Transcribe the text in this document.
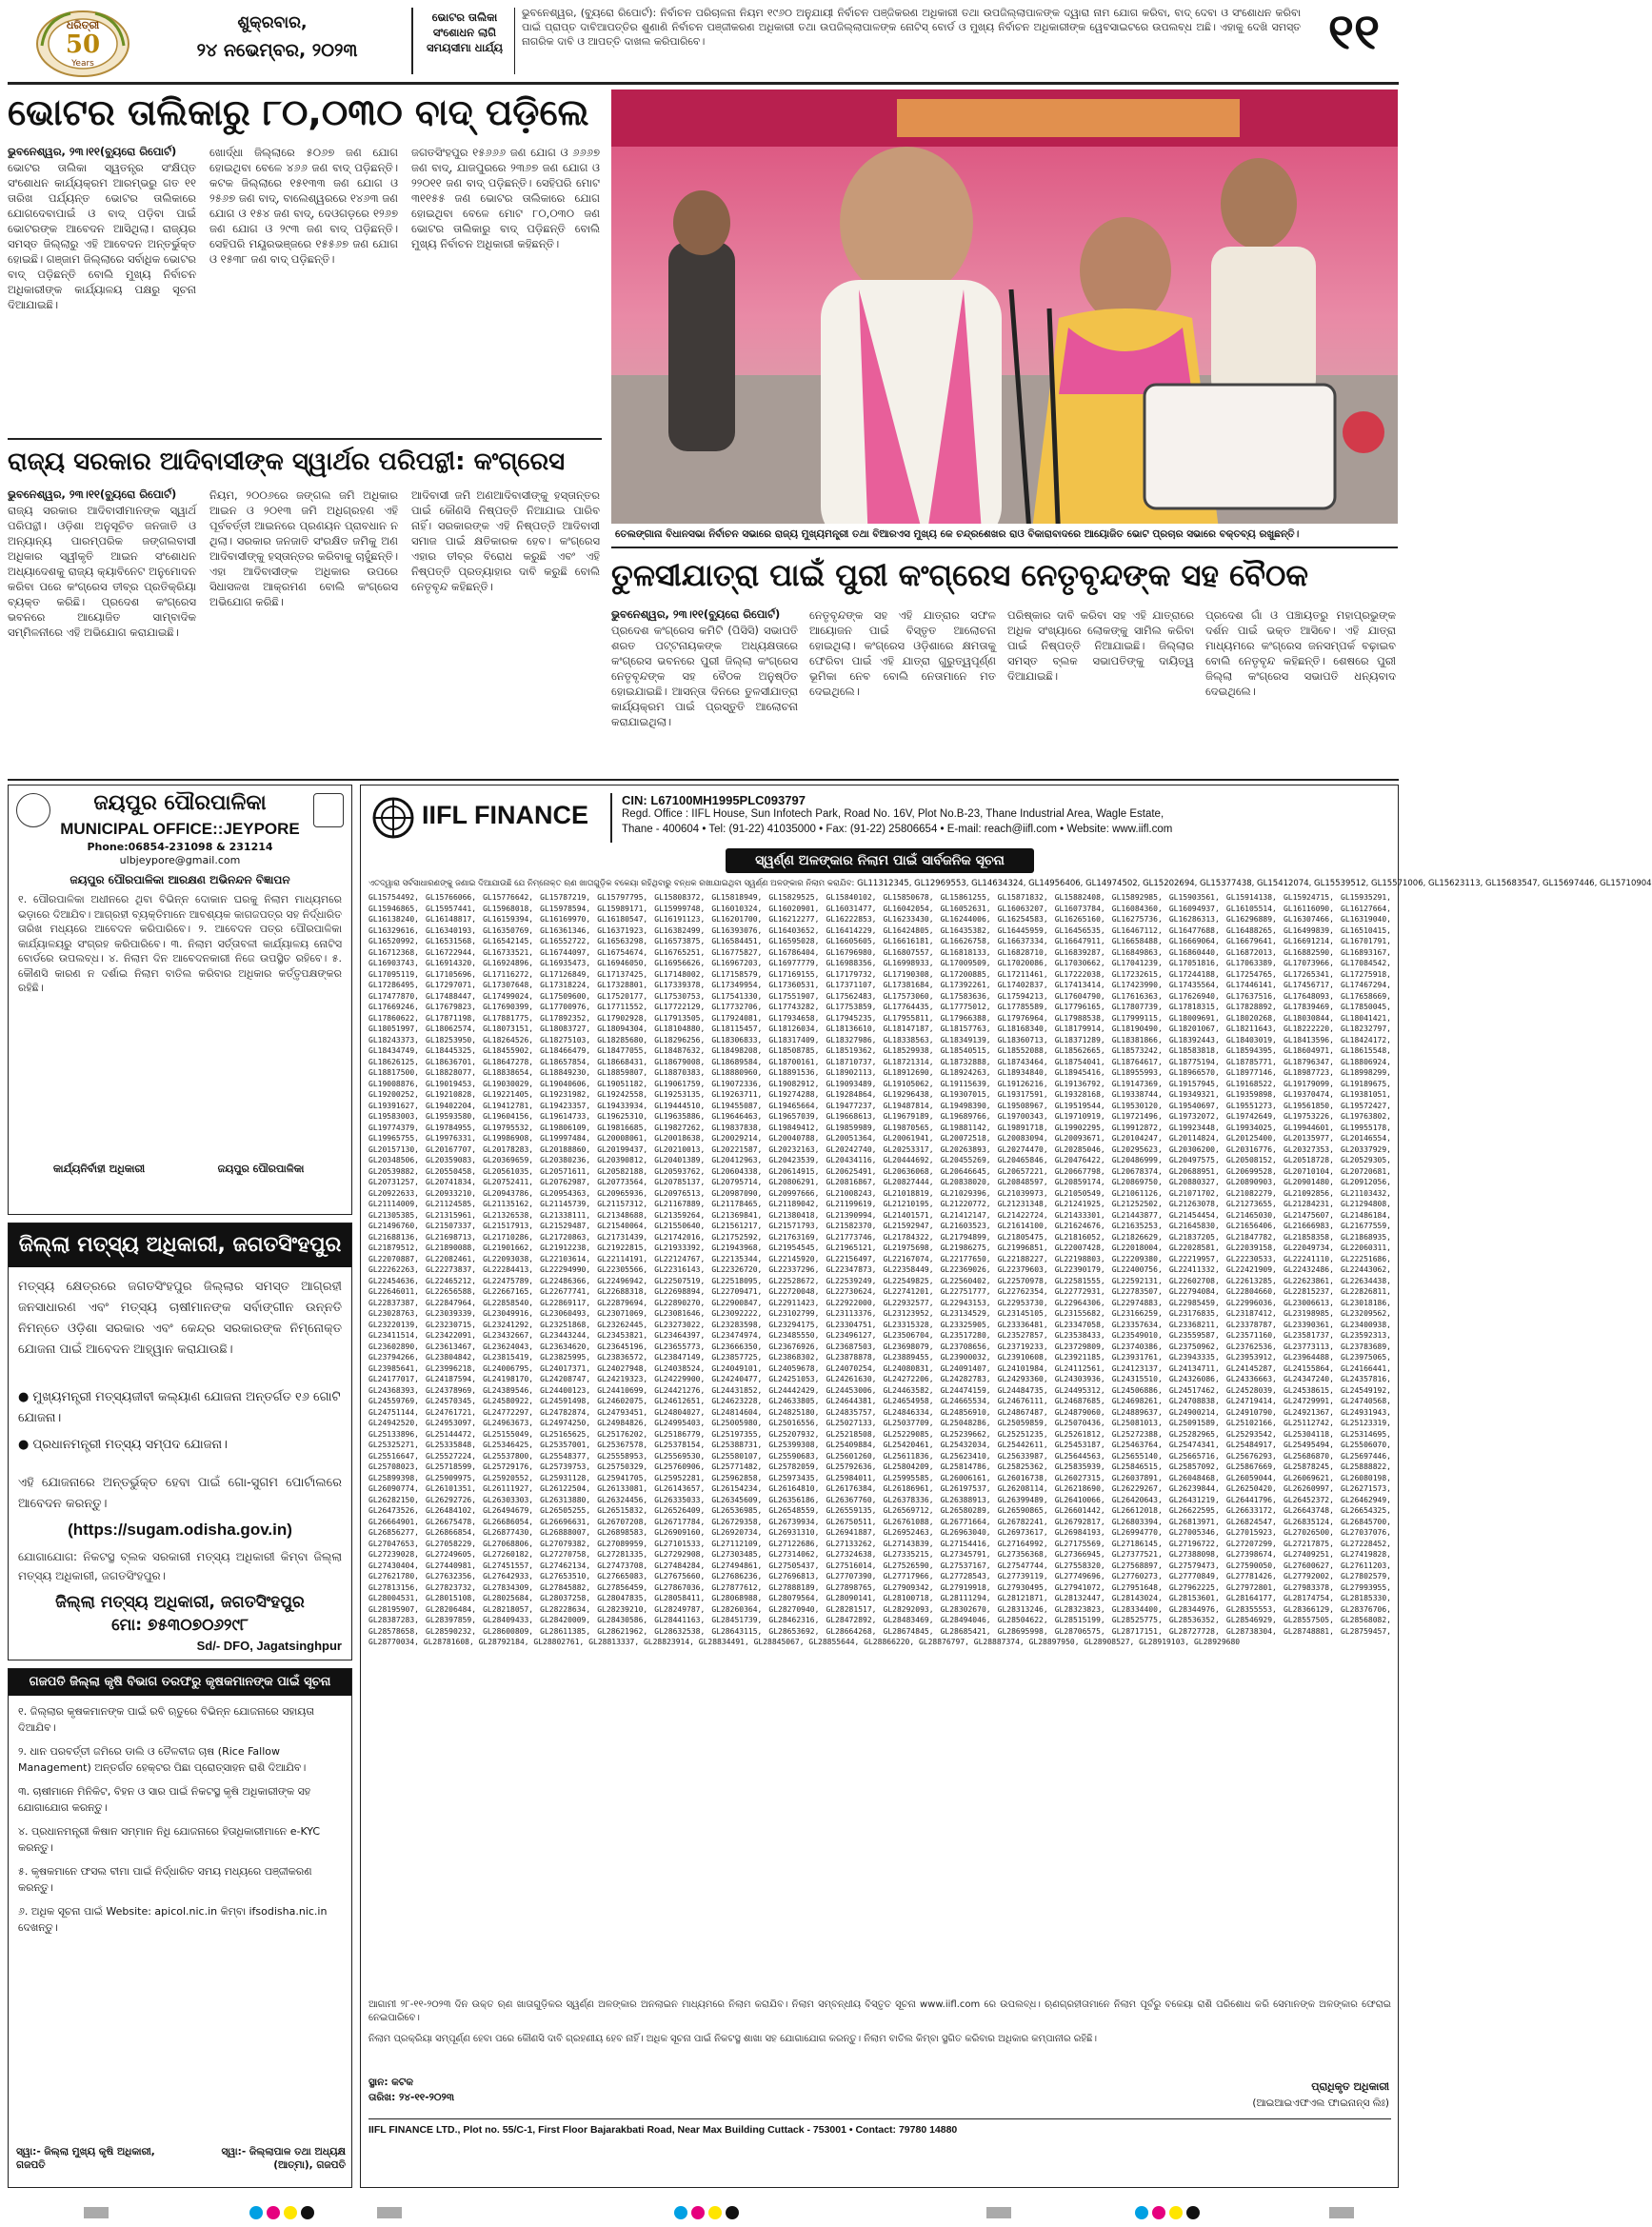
ଧରିତ୍ରୀ
50
Years
ଶୁକ୍ରବାର,
୨୪ ନଭେମ୍ବର, ୨୦୨୩
ଭୋଟର ତାଲିକା ସଂଶୋଧନ ଲାଗି ସମୟସୀମା ଧାର୍ଯ୍ୟ
ଭୁବନେଶ୍ୱର, (ବ୍ୟୁରୋ ରିପୋର୍ଟ): ନିର୍ବାଚନ ପରିଚାଳନା ନିୟମ ୧୯୬୦ ଅନୁଯାୟୀ ନିର୍ବାଚନ ପଞ୍ଜିକରଣ ଅଧିକାରୀ ତଥା ଉପଜିଲ୍ଲାପାଳଙ୍କ ଦ୍ୱାରା ନାମ ଯୋଗ କରିବା, ବାଦ୍ ଦେବା ଓ ସଂଶୋଧନ କରିବା ପାଇଁ ପ୍ରାପ୍ତ ଦାବିଆପତ୍ତିର ଶୁଣାଣି ନିର୍ବାଚନ ପଞ୍ଜୀକରଣ ଅଧିକାରୀ ତଥା ଉପଜିଲ୍ଲାପାଳଙ୍କ ନୋଟିସ୍ ବୋର୍ଡ ଓ ମୁଖ୍ୟ ନିର୍ବାଚନ ଅଧିକାରୀଙ୍କ ୱେବସାଇଟରେ ଉପଲବ୍ଧ ଅଛି। ଏହାକୁ ଦେଖି ସମସ୍ତ ନାଗରିକ ଦାବି ଓ ଆପତ୍ତି ଦାଖଲ କରିପାରିବେ।	୧୧
ଭୋଟର ତାଲିକାରୁ ୮୦,୦୩୦ ବାଦ୍ ପଡ଼ିଲେ
ଭୁବନେଶ୍ୱର, ୨୩।୧୧(ବ୍ୟୁରୋ ରିପୋର୍ଟ)
ଭୋଟର ତାଲିକା ସ୍ୱତନ୍ତ୍ର ସଂକ୍ଷିପ୍ତ ସଂଶୋଧନ କାର୍ଯ୍ୟକ୍ରମ ଆରମ୍ଭରୁ ଗତ ୧୧ ତାରିଖ ପର୍ଯ୍ୟନ୍ତ ଭୋଟର ତାଲିକାରେ ଯୋଗଦେବାପାଇଁ ଓ ବାଦ୍ ପଡ଼ିବା ପାଇଁ ଭୋଟରଙ୍କ ଆବେଦନ ଆସିଥିଲା। ରାଜ୍ୟର ସମସ୍ତ ଜିଲ୍ଲାରୁ ଏହି ଆବେଦନ ଅନ୍ତର୍ଭୁକ୍ତ ହୋଇଛି। ଗଞ୍ଜାମ ଜିଲ୍ଲାରେ ସର୍ବାଧିକ ଭୋଟର ବାଦ୍ ପଡ଼ିଛନ୍ତି ବୋଲି ମୁଖ୍ୟ ନିର୍ବାଚନ ଅଧିକାରୀଙ୍କ କାର୍ଯ୍ୟାଳୟ ପକ୍ଷରୁ ସୂଚନା ଦିଆଯାଇଛି।
ଖୋର୍ଦ୍ଧା ଜିଲ୍ଲାରେ ୫୦୬୭ ଜଣ ଯୋଗ ହୋଇଥିବା ବେଳେ ୪୬୬ ଜଣ ବାଦ୍ ପଡ଼ିଛନ୍ତି। କଟକ ଜିଲ୍ଲାରେ ୧୫୧୩୩ ଜଣ ଯୋଗ ଓ ୨୫୬୭ ଜଣ ବାଦ୍, ବାଲେଶ୍ୱରରେ ୧୪୬୩ ଜଣ ଯୋଗ ଓ ୧୫୪ ଜଣ ବାଦ୍, ଦେଓଗଡ଼ରେ ୧୨୬୭ ଜଣ ଯୋଗ ଓ ୨୯୩ ଜଣ ବାଦ୍ ପଡ଼ିଛନ୍ତି। ସେହିପରି ମୟୂରଭଞ୍ଜରେ ୧୫୫୬୭ ଜଣ ଯୋଗ ଓ ୧୫୩୮ ଜଣ ବାଦ୍ ପଡ଼ିଛନ୍ତି।
ଜଗତସିଂହପୁର ୧୫୬୬୬ ଜଣ ଯୋଗ ଓ ୬୬୬୭ ଜଣ ବାଦ୍, ଯାଜପୁରରେ ୨୩୬୭ ଜଣ ଯୋଗ ଓ ୨୨୦୧୧ ଜଣ ବାଦ୍ ପଡ଼ିଛନ୍ତି। ସେହିପରି ମୋଟ ୩୧୧୫୫ ଜଣ ଭୋଟର ତାଲିକାରେ ଯୋଗ ହୋଇଥିବା ବେଳେ ମୋଟ ୮୦,୦୩୦ ଜଣ ଭୋଟର ତାଲିକାରୁ ବାଦ୍ ପଡ଼ିଛନ୍ତି ବୋଲି ମୁଖ୍ୟ ନିର୍ବାଚନ ଅଧିକାରୀ କହିଛନ୍ତି।
ରାଜ୍ୟ ସରକାର ଆଦିବାସୀଙ୍କ ସ୍ୱାର୍ଥର ପରିପନ୍ଥୀ: କଂଗ୍ରେସ
ଭୁବନେଶ୍ୱର, ୨୩।୧୧(ବ୍ୟୁରୋ ରିପୋର୍ଟ)
ରାଜ୍ୟ ସରକାର ଆଦିବାସୀମାନଙ୍କ ସ୍ୱାର୍ଥ ପରିପନ୍ଥୀ। ଓଡ଼ିଶା ଅନୁସୂଚିତ ଜନଜାତି ଓ ଅନ୍ୟାନ୍ୟ ପାରମ୍ପରିକ ଜଙ୍ଗଲବାସୀ ଅଧିକାର ସ୍ୱୀକୃତି ଆଇନ ସଂଶୋଧନ ଅଧ୍ୟାଦେଶକୁ ରାଜ୍ୟ କ୍ୟାବିନେଟ ଅନୁମୋଦନ କରିବା ପରେ କଂଗ୍ରେସ ତୀବ୍ର ପ୍ରତିକ୍ରିୟା ବ୍ୟକ୍ତ କରିଛି। ପ୍ରଦେଶ କଂଗ୍ରେସ ଭବନରେ ଆୟୋଜିତ ସାମ୍ବାଦିକ ସମ୍ମିଳନୀରେ ଏହି ଅଭିଯୋଗ କରାଯାଇଛି।
ନିୟମ, ୨୦୦୬ରେ ଜଙ୍ଗଲ ଜମି ଅଧିକାର ଆଇନ ଓ ୨୦୧୩ ଜମି ଅଧିଗ୍ରହଣ ଏହି ପୂର୍ବବର୍ତ୍ତୀ ଆଇନରେ ପ୍ରଣୟନ ପ୍ରାବଧାନ ନ ଥିଲା। ସରକାର ଜନଜାତି ସଂରକ୍ଷିତ ଜମିକୁ ଅଣ ଆଦିବାସୀଙ୍କୁ ହସ୍ତାନ୍ତର କରିବାକୁ ଚାହୁଁଛନ୍ତି। ଏହା ଆଦିବାସୀଙ୍କ ଅଧିକାର ଉପରେ ସିଧାସଳଖ ଆକ୍ରମଣ ବୋଲି କଂଗ୍ରେସ ଅଭିଯୋଗ କରିଛି।
ଆଦିବାସୀ ଜମି ଅଣଆଦିବାସୀଙ୍କୁ ହସ୍ତାନ୍ତର ପାଇଁ କୌଣସି ନିଷ୍ପତ୍ତି ନିଆଯାଇ ପାରିବ ନାହିଁ। ସରକାରଙ୍କ ଏହି ନିଷ୍ପତ୍ତି ଆଦିବାସୀ ସମାଜ ପାଇଁ କ୍ଷତିକାରକ ହେବ। କଂଗ୍ରେସ ଏହାର ତୀବ୍ର ବିରୋଧ କରୁଛି ଏବଂ ଏହି ନିଷ୍ପତ୍ତି ପ୍ରତ୍ୟାହାର ଦାବି କରୁଛି ବୋଲି ନେତୃବୃନ୍ଦ କହିଛନ୍ତି।
ତେଲଙ୍ଗାନା ବିଧାନସଭା ନିର୍ବାଚନ ସଭାରେ ରାଜ୍ୟ ମୁଖ୍ୟମନ୍ତ୍ରୀ ତଥା ବିଆରଏସ ମୁଖ୍ୟ କେ ଚନ୍ଦ୍ରଶେଖର ରାଓ ବିକାରାବାଦରେ ଆୟୋଜିତ ଭୋଟ ପ୍ରଚାର ସଭାରେ ବକ୍ତବ୍ୟ ରଖୁଛନ୍ତି।
ତୁଳସୀଯାତ୍ରା ପାଇଁ ପୁରୀ କଂଗ୍ରେସ ନେତୃବୃନ୍ଦଙ୍କ ସହ ବୈଠକ
ଭୁବନେଶ୍ୱର, ୨୩।୧୧(ବ୍ୟୁରୋ ରିପୋର୍ଟ)
ପ୍ରଦେଶ କଂଗ୍ରେସ କମିଟି (ପିସିସି) ସଭାପତି ଶରତ ପଟ୍ଟନାୟକଙ୍କ ଅଧ୍ୟକ୍ଷତାରେ କଂଗ୍ରେସ ଭବନରେ ପୁରୀ ଜିଲ୍ଲା କଂଗ୍ରେସ ନେତୃବୃନ୍ଦଙ୍କ ସହ ବୈଠକ ଅନୁଷ୍ଠିତ ହୋଇଯାଇଛି। ଆସନ୍ତା ଦିନରେ ତୁଳସୀଯାତ୍ରା କାର୍ଯ୍ୟକ୍ରମ ପାଇଁ ପ୍ରସ୍ତୁତି ଆଲୋଚନା କରାଯାଇଥିଲା।
ନେତୃବୃନ୍ଦଙ୍କ ସହ ଏହି ଯାତ୍ରାର ସଫଳ ଆୟୋଜନ ପାଇଁ ବିସ୍ତୃତ ଆଲୋଚନା ହୋଇଥିଲା। କଂଗ୍ରେସ ଓଡ଼ିଶାରେ କ୍ଷମତାକୁ ଫେରିବା ପାଇଁ ଏହି ଯାତ୍ରା ଗୁରୁତ୍ୱପୂର୍ଣ୍ଣ ଭୂମିକା ନେବ ବୋଲି ନେତାମାନେ ମତ ଦେଇଥିଲେ।
ପରିଷ୍କାର ଦାବି କରିବା ସହ ଏହି ଯାତ୍ରାରେ ଅଧିକ ସଂଖ୍ୟାରେ ଲୋକଙ୍କୁ ସାମିଲ କରିବା ପାଇଁ ନିଷ୍ପତ୍ତି ନିଆଯାଇଛି। ଜିଲ୍ଲାର ସମସ୍ତ ବ୍ଲକ ସଭାପତିଙ୍କୁ ଦାୟିତ୍ୱ ଦିଆଯାଇଛି।
ପ୍ରଦେଶ ଗାଁ ଓ ପଞ୍ଚାୟତରୁ ମହାପ୍ରଭୁଙ୍କ ଦର୍ଶନ ପାଇଁ ଭକ୍ତ ଆସିବେ। ଏହି ଯାତ୍ରା ମାଧ୍ୟମରେ କଂଗ୍ରେସ ଜନସମ୍ପର୍କ ବଢ଼ାଇବ ବୋଲି ନେତୃବୃନ୍ଦ କହିଛନ୍ତି। ଶେଷରେ ପୁରୀ ଜିଲ୍ଲା କଂଗ୍ରେସ ସଭାପତି ଧନ୍ୟବାଦ ଦେଇଥିଲେ।
ଜୟପୁର ପୌରପାଳିକା
MUNICIPAL OFFICE::JEYPORE
Phone:06854-231098 & 231214
ulbjeypore@gmail.com
ଜୟପୁର ପୌରପାଳିକା ଆରକ୍ଷଣ ଅଭିନନ୍ଦନ ବିଜ୍ଞାପନ
୧. ପୌରପାଳିକା ଅଧୀନରେ ଥିବା ବିଭିନ୍ନ ଦୋକାନ ଘରକୁ ନିଲାମ ମାଧ୍ୟମରେ ଭଡ଼ାରେ ଦିଆଯିବ। ଆଗ୍ରହୀ ବ୍ୟକ୍ତିମାନେ ଆବଶ୍ୟକ କାଗଜପତ୍ର ସହ ନିର୍ଦ୍ଧାରିତ ତାରିଖ ମଧ୍ୟରେ ଆବେଦନ କରିପାରିବେ। ୨. ଆବେଦନ ପତ୍ର ପୌରପାଳିକା କାର୍ଯ୍ୟାଳୟରୁ ସଂଗ୍ରହ କରିପାରିବେ। ୩. ନିଲାମ ସର୍ତ୍ତାବଳୀ କାର୍ଯ୍ୟାଳୟ ନୋଟିସ ବୋର୍ଡରେ ଉପଲବ୍ଧ। ୪. ନିଲାମ ଦିନ ଆବେଦନକାରୀ ନିଜେ ଉପସ୍ଥିତ ରହିବେ। ୫. କୌଣସି କାରଣ ନ ଦର୍ଶାଇ ନିଲାମ ବାତିଲ କରିବାର ଅଧିକାର କର୍ତ୍ତୃପକ୍ଷଙ୍କର ରହିଛି।
କାର୍ଯ୍ୟନିର୍ବାହୀ ଅଧିକାରୀ	ଜୟପୁର ପୌରପାଳିକା
ଜିଲ୍ଲା ମତ୍ସ୍ୟ ଅଧିକାରୀ, ଜଗତସିଂହପୁର
ମତ୍ସ୍ୟ କ୍ଷେତ୍ରରେ ଜଗତସିଂହପୁର ଜିଲ୍ଲାର ସମସ୍ତ ଆଗ୍ରହୀ ଜନସାଧାରଣ ଏବଂ ମତ୍ସ୍ୟ ଚାଷୀମାନଙ୍କ ସର୍ବାଙ୍ଗୀନ ଉନ୍ନତି ନିମନ୍ତେ ଓଡ଼ିଶା ସରକାର ଏବଂ କେନ୍ଦ୍ର ସରକାରଙ୍କ ନିମ୍ନୋକ୍ତ ଯୋଜନା ପାଇଁ ଆବେଦନ ଆହ୍ୱାନ କରାଯାଉଛି।
● ମୁଖ୍ୟମନ୍ତ୍ରୀ ମତ୍ସ୍ୟଜୀବୀ କଲ୍ୟାଣ ଯୋଜନା ଅନ୍ତର୍ଗତ ୧୬ ଗୋଟି ଯୋଜନା।
● ପ୍ରଧାନମନ୍ତ୍ରୀ ମତ୍ସ୍ୟ ସମ୍ପଦ ଯୋଜନା।
ଏହି ଯୋଜନାରେ ଅନ୍ତର୍ଭୁକ୍ତ ହେବା ପାଇଁ ଗୋ-ସୁଗମ ପୋର୍ଟାଲରେ ଆବେଦନ କରନ୍ତୁ।
(https://sugam.odisha.gov.in)
ଯୋଗାଯୋଗ: ନିକଟସ୍ଥ ବ୍ଲକ ସରକାରୀ ମତ୍ସ୍ୟ ଅଧିକାରୀ କିମ୍ବା ଜିଲ୍ଲା ମତ୍ସ୍ୟ ଅଧିକାରୀ, ଜଗତସିଂହପୁର।
ଜିଲ୍ଲା ମତ୍ସ୍ୟ ଅଧିକାରୀ, ଜଗତସିଂହପୁର
ମୋ: ୭୫୩୦୭୦୬୨୯୮
Sd/- DFO, Jagatsinghpur
ଗଜପତି ଜିଲ୍ଲା କୃଷି ବିଭାଗ ତରଫରୁ କୃଷକମାନଙ୍କ ପାଇଁ ସୂଚନା
୧. ଜିଲ୍ଲାର କୃଷକମାନଙ୍କ ପାଇଁ ରବି ଋତୁରେ ବିଭିନ୍ନ ଯୋଜନାରେ ସହାୟତା ଦିଆଯିବ।
୨. ଧାନ ପରବର୍ତ୍ତୀ ଜମିରେ ଡାଲି ଓ ତୈଳବୀଜ ଚାଷ (Rice Fallow Management) ଅନ୍ତର୍ଗତ ହେକ୍ଟର ପିଛା ପ୍ରୋତ୍ସାହନ ରାଶି ଦିଆଯିବ।
୩. ଚାଷୀମାନେ ମିନିକିଟ, ବିହନ ଓ ସାର ପାଇଁ ନିକଟସ୍ଥ କୃଷି ଅଧିକାରୀଙ୍କ ସହ ଯୋଗାଯୋଗ କରନ୍ତୁ।
୪. ପ୍ରଧାନମନ୍ତ୍ରୀ କିଷାନ ସମ୍ମାନ ନିଧି ଯୋଜନାରେ ହିତାଧିକାରୀମାନେ e-KYC କରନ୍ତୁ।
୫. କୃଷକମାନେ ଫସଲ ବୀମା ପାଇଁ ନିର୍ଦ୍ଧାରିତ ସମୟ ମଧ୍ୟରେ ପଞ୍ଜୀକରଣ କରନ୍ତୁ।
୬. ଅଧିକ ସୂଚନା ପାଇଁ Website: apicol.nic.in କିମ୍ବା ifsodisha.nic.in ଦେଖନ୍ତୁ।
ସ୍ୱା:- ଜିଲ୍ଲା ମୁଖ୍ୟ କୃଷି ଅଧିକାରୀ, ଗଜପତି
ସ୍ୱା:- ଜିଲ୍ଲାପାଳ ତଥା ଅଧ୍ୟକ୍ଷ (ଆତ୍ମା), ଗଜପତି
IIFL FINANCE
CIN: L67100MH1995PLC093797
Regd. Office : IIFL House, Sun Infotech Park, Road No. 16V, Plot No.B-23, Thane Industrial Area, Wagle Estate,
Thane - 400604 • Tel: (91-22) 41035000 • Fax: (91-22) 25806654 • E-mail: reach@iifl.com • Website: www.iifl.com
ସ୍ୱର୍ଣ୍ଣ ଅଳଙ୍କାର ନିଲାମ ପାଇଁ ସାର୍ବଜନିକ ସୂଚନା
ଏତଦ୍ୱାରା ସର୍ବସାଧାରଣଙ୍କୁ ଜଣାଇ ଦିଆଯାଉଛି ଯେ ନିମ୍ନୋକ୍ତ ଋଣ ଖାତାଗୁଡ଼ିକ ବକେୟା ରହିଥିବାରୁ ବନ୍ଧକ ରଖାଯାଇଥିବା ସ୍ୱର୍ଣ୍ଣ ଅଳଙ୍କାର ନିଲାମ କରାଯିବ: GL11312345, GL12969553, GL14634324, GL14956406, GL14974502, GL15202694, GL15377438, GL15412074, GL15539512, GL15571006, GL15623113, GL15683547, GL15697446, GL15710904
GL15754492, GL15766066, GL15776642, GL15787219, GL15797795, GL15808372, GL15818949, GL15829525, GL15840102, GL15850678, GL15861255, GL15871832, GL15882408, GL15892985, GL15903561, GL15914138, GL15924715, GL15935291, GL15946865, GL15957441, GL15968018, GL15978594, GL15989171, GL15999748, GL16010324, GL16020901, GL16031477, GL16042054, GL16052631, GL16063207, GL16073784, GL16084360, GL16094937, GL16105514, GL16116090, GL16127664, GL16138240, GL16148817, GL16159394, GL16169970, GL16180547, GL16191123, GL16201700, GL16212277, GL16222853, GL16233430, GL16244006, GL16254583, GL16265160, GL16275736, GL16286313, GL16296889, GL16307466, GL16319040, GL16329616, GL16340193, GL16350769, GL16361346, GL16371923, GL16382499, GL16393076, GL16403652, GL16414229, GL16424805, GL16435382, GL16445959, GL16456535, GL16467112, GL16477688, GL16488265, GL16499839, GL16510415, GL16520992, GL16531568, GL16542145, GL16552722, GL16563298, GL16573875, GL16584451, GL16595028, GL16605605, GL16616181, GL16626758, GL16637334, GL16647911, GL16658488, GL16669064, GL16679641, GL16691214, GL16701791, GL16712368, GL16722944, GL16733521, GL16744097, GL16754674, GL16765251, GL16775827, GL16786404, GL16796980, GL16807557, GL16818133, GL16828710, GL16839287, GL16849863, GL16860440, GL16872013, GL16882590, GL16893167, GL16903743, GL16914320, GL16924896, GL16935473, GL16946050, GL16956626, GL16967203, GL16977779, GL16988356, GL16998933, GL17009509, GL17020086, GL17030662, GL17041239, GL17051816, GL17063389, GL17073966, GL17084542, GL17095119, GL17105696, GL17116272, GL17126849, GL17137425, GL17148002, GL17158579, GL17169155, GL17179732, GL17190308, GL17200885, GL17211461, GL17222038, GL17232615, GL17244188, GL17254765, GL17265341, GL17275918, GL17286495, GL17297071, GL17307648, GL17318224, GL17328801, GL17339378, GL17349954, GL17360531, GL17371107, GL17381684, GL17392261, GL17402837, GL17413414, GL17423990, GL17435564, GL17446141, GL17456717, GL17467294, GL17477870, GL17488447, GL17499024, GL17509600, GL17520177, GL17530753, GL17541330, GL17551907, GL17562483, GL17573060, GL17583636, GL17594213, GL17604790, GL17616363, GL17626940, GL17637516, GL17648093, GL17658669, GL17669246, GL17679823, GL17690399, GL17700976, GL17711552, GL17722129, GL17732706, GL17743282, GL17753859, GL17764435, GL17775012, GL17785589, GL17796165, GL17807739, GL17818315, GL17828892, GL17839469, GL17850045, GL17860622, GL17871198, GL17881775, GL17892352, GL17902928, GL17913505, GL17924081, GL17934658, GL17945235, GL17955811, GL17966388, GL17976964, GL17988538, GL17999115, GL18009691, GL18020268, GL18030844, GL18041421, GL18051997, GL18062574, GL18073151, GL18083727, GL18094304, GL18104880, GL18115457, GL18126034, GL18136610, GL18147187, GL18157763, GL18168340, GL18179914, GL18190490, GL18201067, GL18211643, GL18222220, GL18232797, GL18243373, GL18253950, GL18264526, GL18275103, GL18285680, GL18296256, GL18306833, GL18317409, GL18327986, GL18338563, GL18349139, GL18360713, GL18371289, GL18381866, GL18392443, GL18403019, GL18413596, GL18424172, GL18434749, GL18445325, GL18455902, GL18466479, GL18477055, GL18487632, GL18498208, GL18508785, GL18519362, GL18529938, GL18540515, GL18552088, GL18562665, GL18573242, GL18583818, GL18594395, GL18604971, GL18615548, GL18626125, GL18636701, GL18647278, GL18657854, GL18668431, GL18679008, GL18689584, GL18700161, GL18710737, GL18721314, GL18732888, GL18743464, GL18754041, GL18764617, GL18775194, GL18785771, GL18796347, GL18806924, GL18817500, GL18828077, GL18838654, GL18849230, GL18859807, GL18870383, GL18880960, GL18891536, GL18902113, GL18912690, GL18924263, GL18934840, GL18945416, GL18955993, GL18966570, GL18977146, GL18987723, GL18998299, GL19008876, GL19019453, GL19030029, GL19040606, GL19051182, GL19061759, GL19072336, GL19082912, GL19093489, GL19105062, GL19115639, GL19126216, GL19136792, GL19147369, GL19157945, GL19168522, GL19179099, GL19189675, GL19200252, GL19210828, GL19221405, GL19231982, GL19242558, GL19253135, GL19263711, GL19274288, GL19284864, GL19296438, GL19307015, GL19317591, GL19328168, GL19338744, GL19349321, GL19359898, GL19370474, GL19381051, GL19391627, GL19402204, GL19412781, GL19423357, GL19433934, GL19444510, GL19455087, GL19465664, GL19477237, GL19487814, GL19498390, GL19508967, GL19519544, GL19530120, GL19540697, GL19551273, GL19561850, GL19572427, GL19583003, GL19593580, GL19604156, GL19614733, GL19625310, GL19635886, GL19646463, GL19657039, GL19668613, GL19679189, GL19689766, GL19700343, GL19710919, GL19721496, GL19732072, GL19742649, GL19753226, GL19763802, GL19774379, GL19784955, GL19795532, GL19806109, GL19816685, GL19827262, GL19837838, GL19849412, GL19859989, GL19870565, GL19881142, GL19891718, GL19902295, GL19912872, GL19923448, GL19934025, GL19944601, GL19955178, GL19965755, GL19976331, GL19986908, GL19997484, GL20008061, GL20018638, GL20029214, GL20040788, GL20051364, GL20061941, GL20072518, GL20083094, GL20093671, GL20104247, GL20114824, GL20125400, GL20135977, GL20146554, GL20157130, GL20167707, GL20178283, GL20188860, GL20199437, GL20210013, GL20221587, GL20232163, GL20242740, GL20253317, GL20263893, GL20274470, GL20285046, GL20295623, GL20306200, GL20316776, GL20327353, GL20337929, GL20348506, GL20359083, GL20369659, GL20380236, GL20390812, GL20401389, GL20412963, GL20423539, GL20434116, GL20444692, GL20455269, GL20465846, GL20476422, GL20486999, GL20497575, GL20508152, GL20518728, GL20529305, GL20539882, GL20550458, GL20561035, GL20571611, GL20582188, GL20593762, GL20604338, GL20614915, GL20625491, GL20636068, GL20646645, GL20657221, GL20667798, GL20678374, GL20688951, GL20699528, GL20710104, GL20720681, GL20731257, GL20741834, GL20752411, GL20762987, GL20773564, GL20785137, GL20795714, GL20806291, GL20816867, GL20827444, GL20838020, GL20848597, GL20859174, GL20869750, GL20880327, GL20890903, GL20901480, GL20912056, GL20922633, GL20933210, GL20943786, GL20954363, GL20965936, GL20976513, GL20987090, GL20997666, GL21008243, GL21018819, GL21029396, GL21039973, GL21050549, GL21061126, GL21071702, GL21082279, GL21092856, GL21103432, GL21114009, GL21124585, GL21135162, GL21145739, GL21157312, GL21167889, GL21178465, GL21189042, GL21199619, GL21210195, GL21220772, GL21231348, GL21241925, GL21252502, GL21263078, GL21273655, GL21284231, GL21294808, GL21305385, GL21315961, GL21326538, GL21338111, GL21348688, GL21359264, GL21369841, GL21380418, GL21390994, GL21401571, GL21412147, GL21422724, GL21433301, GL21443877, GL21454454, GL21465030, GL21475607, GL21486184, GL21496760, GL21507337, GL21517913, GL21529487, GL21540064, GL21550640, GL21561217, GL21571793, GL21582370, GL21592947, GL21603523, GL21614100, GL21624676, GL21635253, GL21645830, GL21656406, GL21666983, GL21677559, GL21688136, GL21698713, GL21710286, GL21720863, GL21731439, GL21742016, GL21752592, GL21763169, GL21773746, GL21784322, GL21794899, GL21805475, GL21816052, GL21826629, GL21837205, GL21847782, GL21858358, GL21868935, GL21879512, GL21890088, GL21901662, GL21912238, GL21922815, GL21933392, GL21943968, GL21954545, GL21965121, GL21975698, GL21986275, GL21996851, GL22007428, GL22018004, GL22028581, GL22039158, GL22049734, GL22060311, GL22070887, GL22082461, GL22093038, GL22103614, GL22114191, GL22124767, GL22135344, GL22145920, GL22156497, GL22167074, GL22177650, GL22188227, GL22198803, GL22209380, GL22219957, GL22230533, GL22241110, GL22251686, GL22262263, GL22273837, GL22284413, GL22294990, GL22305566, GL22316143, GL22326720, GL22337296, GL22347873, GL22358449, GL22369026, GL22379603, GL22390179, GL22400756, GL22411332, GL22421909, GL22432486, GL22443062, GL22454636, GL22465212, GL22475789, GL22486366, GL22496942, GL22507519, GL22518095, GL22528672, GL22539249, GL22549825, GL22560402, GL22570978, GL22581555, GL22592131, GL22602708, GL22613285, GL22623861, GL22634438, GL22646011, GL22656588, GL22667165, GL22677741, GL22688318, GL22698894, GL22709471, GL22720048, GL22730624, GL22741201, GL22751777, GL22762354, GL22772931, GL22783507, GL22794084, GL22804660, GL22815237, GL22826811, GL22837387, GL22847964, GL22858540, GL22869117, GL22879694, GL22890270, GL22900847, GL22911423, GL22922000, GL22932577, GL22943153, GL22953730, GL22964306, GL22974883, GL22985459, GL22996036, GL23006613, GL23018186, GL23028763, GL23039339, GL23049916, GL23060493, GL23071069, GL23081646, GL23092222, GL23102799, GL23113376, GL23123952, GL23134529, GL23145105, GL23155682, GL23166259, GL23176835, GL23187412, GL23198985, GL23209562, GL23220139, GL23230715, GL23241292, GL23251868, GL23262445, GL23273022, GL23283598, GL23294175, GL23304751, GL23315328, GL23325905, GL23336481, GL23347058, GL23357634, GL23368211, GL23378787, GL23390361, GL23400938, GL23411514, GL23422091, GL23432667, GL23443244, GL23453821, GL23464397, GL23474974, GL23485550, GL23496127, GL23506704, GL23517280, GL23527857, GL23538433, GL23549010, GL23559587, GL23571160, GL23581737, GL23592313, GL23602890, GL23613467, GL23624043, GL23634620, GL23645196, GL23655773, GL23666350, GL23676926, GL23687503, GL23698079, GL23708656, GL23719233, GL23729809, GL23740386, GL23750962, GL23762536, GL23773113, GL23783689, GL23794266, GL23804842, GL23815419, GL23825995, GL23836572, GL23847149, GL23857725, GL23868302, GL23878878, GL23889455, GL23900032, GL23910608, GL23921185, GL23931761, GL23943335, GL23953912, GL23964488, GL23975065, GL23985641, GL23996218, GL24006795, GL24017371, GL24027948, GL24038524, GL24049101, GL24059678, GL24070254, GL24080831, GL24091407, GL24101984, GL24112561, GL24123137, GL24134711, GL24145287, GL24155864, GL24166441, GL24177017, GL24187594, GL24198170, GL24208747, GL24219323, GL24229900, GL24240477, GL24251053, GL24261630, GL24272206, GL24282783, GL24293360, GL24303936, GL24315510, GL24326086, GL24336663, GL24347240, GL24357816, GL24368393, GL24378969, GL24389546, GL24400123, GL24410699, GL24421276, GL24431852, GL24442429, GL24453006, GL24463582, GL24474159, GL24484735, GL24495312, GL24506886, GL24517462, GL24528039, GL24538615, GL24549192, GL24559769, GL24570345, GL24580922, GL24591498, GL24602075, GL24612651, GL24623228, GL24633805, GL24644381, GL24654958, GL24665534, GL24676111, GL24687685, GL24698261, GL24708838, GL24719414, GL24729991, GL24740568, GL24751144, GL24761721, GL24772297, GL24782874, GL24793451, GL24804027, GL24814604, GL24825180, GL24835757, GL24846334, GL24856910, GL24867487, GL24879060, GL24889637, GL24900214, GL24910790, GL24921367, GL24931943, GL24942520, GL24953097, GL24963673, GL24974250, GL24984826, GL24995403, GL25005980, GL25016556, GL25027133, GL25037709, GL25048286, GL25059859, GL25070436, GL25081013, GL25091589, GL25102166, GL25112742, GL25123319, GL25133896, GL25144472, GL25155049, GL25165625, GL25176202, GL25186779, GL25197355, GL25207932, GL25218508, GL25229085, GL25239662, GL25251235, GL25261812, GL25272388, GL25282965, GL25293542, GL25304118, GL25314695, GL25325271, GL25335848, GL25346425, GL25357001, GL25367578, GL25378154, GL25388731, GL25399308, GL25409884, GL25420461, GL25432034, GL25442611, GL25453187, GL25463764, GL25474341, GL25484917, GL25495494, GL25506070, GL25516647, GL25527224, GL25537800, GL25548377, GL25558953, GL25569530, GL25580107, GL25590683, GL25601260, GL25611836, GL25623410, GL25633987, GL25644563, GL25655140, GL25665716, GL25676293, GL25686870, GL25697446, GL25708023, GL25718599, GL25729176, GL25739753, GL25750329, GL25760906, GL25771482, GL25782059, GL25792636, GL25804209, GL25814786, GL25825362, GL25835939, GL25846515, GL25857092, GL25867669, GL25878245, GL25888822, GL25899398, GL25909975, GL25920552, GL25931128, GL25941705, GL25952281, GL25962858, GL25973435, GL25984011, GL25995585, GL26006161, GL26016738, GL26027315, GL26037891, GL26048468, GL26059044, GL26069621, GL26080198, GL26090774, GL26101351, GL26111927, GL26122504, GL26133081, GL26143657, GL26154234, GL26164810, GL26176384, GL26186961, GL26197537, GL26208114, GL26218690, GL26229267, GL26239844, GL26250420, GL26260997, GL26271573, GL26282150, GL26292726, GL26303303, GL26313880, GL26324456, GL26335033, GL26345609, GL26356186, GL26367760, GL26378336, GL26388913, GL26399489, GL26410066, GL26420643, GL26431219, GL26441796, GL26452372, GL26462949, GL26473526, GL26484102, GL26494679, GL26505255, GL26515832, GL26526409, GL26536985, GL26548559, GL26559135, GL26569712, GL26580289, GL26590865, GL26601442, GL26612018, GL26622595, GL26633172, GL26643748, GL26654325, GL26664901, GL26675478, GL26686054, GL26696631, GL26707208, GL26717784, GL26729358, GL26739934, GL26750511, GL26761088, GL26771664, GL26782241, GL26792817, GL26803394, GL26813971, GL26824547, GL26835124, GL26845700, GL26856277, GL26866854, GL26877430, GL26888007, GL26898583, GL26909160, GL26920734, GL26931310, GL26941887, GL26952463, GL26963040, GL26973617, GL26984193, GL26994770, GL27005346, GL27015923, GL27026500, GL27037076, GL27047653, GL27058229, GL27068806, GL27079382, GL27089959, GL27101533, GL27112109, GL27122686, GL27133262, GL27143839, GL27154416, GL27164992, GL27175569, GL27186145, GL27196722, GL27207299, GL27217875, GL27228452, GL27239028, GL27249605, GL27260182, GL27270758, GL27281335, GL27292908, GL27303485, GL27314062, GL27324638, GL27335215, GL27345791, GL27356368, GL27366945, GL27377521, GL27388098, GL27398674, GL27409251, GL27419828, GL27430404, GL27440981, GL27451557, GL27462134, GL27473708, GL27484284, GL27494861, GL27505437, GL27516014, GL27526590, GL27537167, GL27547744, GL27558320, GL27568897, GL27579473, GL27590050, GL27600627, GL27611203, GL27621780, GL27632356, GL27642933, GL27653510, GL27665083, GL27675660, GL27686236, GL27696813, GL27707390, GL27717966, GL27728543, GL27739119, GL27749696, GL27760273, GL27770849, GL27781426, GL27792002, GL27802579, GL27813156, GL27823732, GL27834309, GL27845882, GL27856459, GL27867036, GL27877612, GL27888189, GL27898765, GL27909342, GL27919918, GL27930495, GL27941072, GL27951648, GL27962225, GL27972801, GL27983378, GL27993955, GL28004531, GL28015108, GL28025684, GL28037258, GL28047835, GL28058411, GL28068988, GL28079564, GL28090141, GL28100718, GL28111294, GL28121871, GL28132447, GL28143024, GL28153601, GL28164177, GL28174754, GL28185330, GL28195907, GL28206484, GL28218057, GL28228634, GL28239210, GL28249787, GL28260364, GL28270940, GL28281517, GL28292093, GL28302670, GL28313246, GL28323823, GL28334400, GL28344976, GL28355553, GL28366129, GL28376706, GL28387283, GL28397859, GL28409433, GL28420009, GL28430586, GL28441163, GL28451739, GL28462316, GL28472892, GL28483469, GL28494046, GL28504622, GL28515199, GL28525775, GL28536352, GL28546929, GL28557505, GL28568082, GL28578658, GL28590232, GL28600809, GL28611385, GL28621962, GL28632538, GL28643115, GL28653692, GL28664268, GL28674845, GL28685421, GL28695998, GL28706575, GL28717151, GL28727728, GL28738304, GL28748881, GL28759457, GL28770034, GL28781608, GL28792184, GL28802761, GL28813337, GL28823914, GL28834491, GL28845067, GL28855644, GL28866220, GL28876797, GL28887374, GL28897950, GL28908527, GL28919103, GL28929680
ଆଗାମୀ ୨୮-୧୧-୨୦୨୩ ଦିନ ଉକ୍ତ ଋଣ ଖାତାଗୁଡ଼ିକର ସ୍ୱର୍ଣ୍ଣ ଅଳଙ୍କାର ଅନଲାଇନ ମାଧ୍ୟମରେ ନିଲାମ କରାଯିବ। ନିଲାମ ସମ୍ବନ୍ଧୀୟ ବିସ୍ତୃତ ସୂଚନା www.iifl.com ରେ ଉପଲବ୍ଧ। ଋଣଗ୍ରହୀତାମାନେ ନିଲାମ ପୂର୍ବରୁ ବକେୟା ରାଶି ପରିଶୋଧ କରି ସେମାନଙ୍କ ଅଳଙ୍କାର ଫେରାଇ ନେଇପାରିବେ।
ନିଲାମ ପ୍ରକ୍ରିୟା ସମ୍ପୂର୍ଣ୍ଣ ହେବା ପରେ କୌଣସି ଦାବି ଗ୍ରହଣୀୟ ହେବ ନାହିଁ। ଅଧିକ ସୂଚନା ପାଇଁ ନିକଟସ୍ଥ ଶାଖା ସହ ଯୋଗାଯୋଗ କରନ୍ତୁ। ନିଲାମ ବାତିଲ କିମ୍ବା ସ୍ଥଗିତ କରିବାର ଅଧିକାର କମ୍ପାନୀର ରହିଛି।
ସ୍ଥାନ: କଟକ
ତାରିଖ: ୨୪-୧୧-୨୦୨୩
ପ୍ରାଧିକୃତ ଅଧିକାରୀ
(ଆଇଆଇଏଫଏଲ ଫାଇନାନ୍ସ ଲିଃ)
IIFL FINANCE LTD., Plot no. 55/C-1, First Floor Bajarakbati Road, Near Max Building Cuttack - 753001 • Contact: 79780 14880
